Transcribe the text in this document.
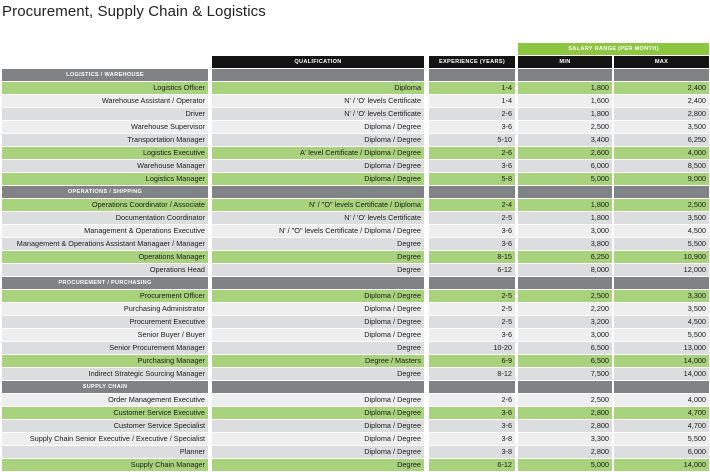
Procurement, Supply Chain & Logistics
SALARY RANGE (PER MONTH)
QUALIFICATION	EXPERIENCE (YEARS)	MIN	MAX
LOGISTICS / WAREHOUSE
Logistics Officer	Diploma	1-4	1,800	2,400
Warehouse Assistant / Operator	N' / 'O' levels Certificate	1-4	1,600	2,400
Driver	N' / 'O' levels Certificate	2-6	1,800	2,800
Warehouse Supervisor	Diploma / Degree	3-6	2,500	3,500
Transportation Manager	Diploma / Degree	5-10	3,400	6,250
Logistics Executive	A' level Certificate / Diploma / Degree	2-6	2,600	4,000
Warehouse Manager	Diploma / Degree	3-6	6,000	8,500
Logistics Manager	Diploma / Degree	5-8	5,000	9,000
OPERATIONS / SHIPPING
Operations Coordinator / Associate	N' / "O" levels Certificate / Diploma	2-4	1,800	2,500
Documentation Coordinator	N' / 'O' levels Certificate	2-5	1,800	3,500
Management & Operations Executive	N' / "O" levels Certificate / Diploma / Degree	3-6	3,000	4,500
Management & Operations Assistant Managaer / Manager	Degree	3-6	3,800	5,500
Operations Manager	Degree	8-15	6,250	10,900
Operations Head	Degree	6-12	8,000	12,000
PROCUREMENT / PURCHASING
Procurement Officer	Diploma / Degree	2-5	2,500	3,300
Purchasing Administrator	Diploma / Degree	2-5	2,200	3,500
Procurement Executive	Diploma / Degree	2-5	3,200	4,500
Senior Buyer / Buyer	Diploma / Degree	3-6	3,000	5,500
Senior Procurement Manager	Degree	10-20	6,500	13,000
Purchasing Manager	Degree / Masters	6-9	6,500	14,000
Indirect Strategic Sourcing Manager	Degree	8-12	7,500	14,000
SUPPLY CHAIN
Order Management Executive	Diploma / Degree	2-6	2,500	4,000
Customer Service Executive	Diploma / Degree	3-6	2,800	4,700
Customer Service Specialist	Diploma / Degree	3-6	2,800	4,700
Supply Chain Senior Executive / Executive / Specialist	Diploma / Degree	3-8	3,300	5,500
Planner	Diploma / Degree	3-8	2,800	6,000
Supply Chain Manager	Degree	6-12	5,000	14,000
